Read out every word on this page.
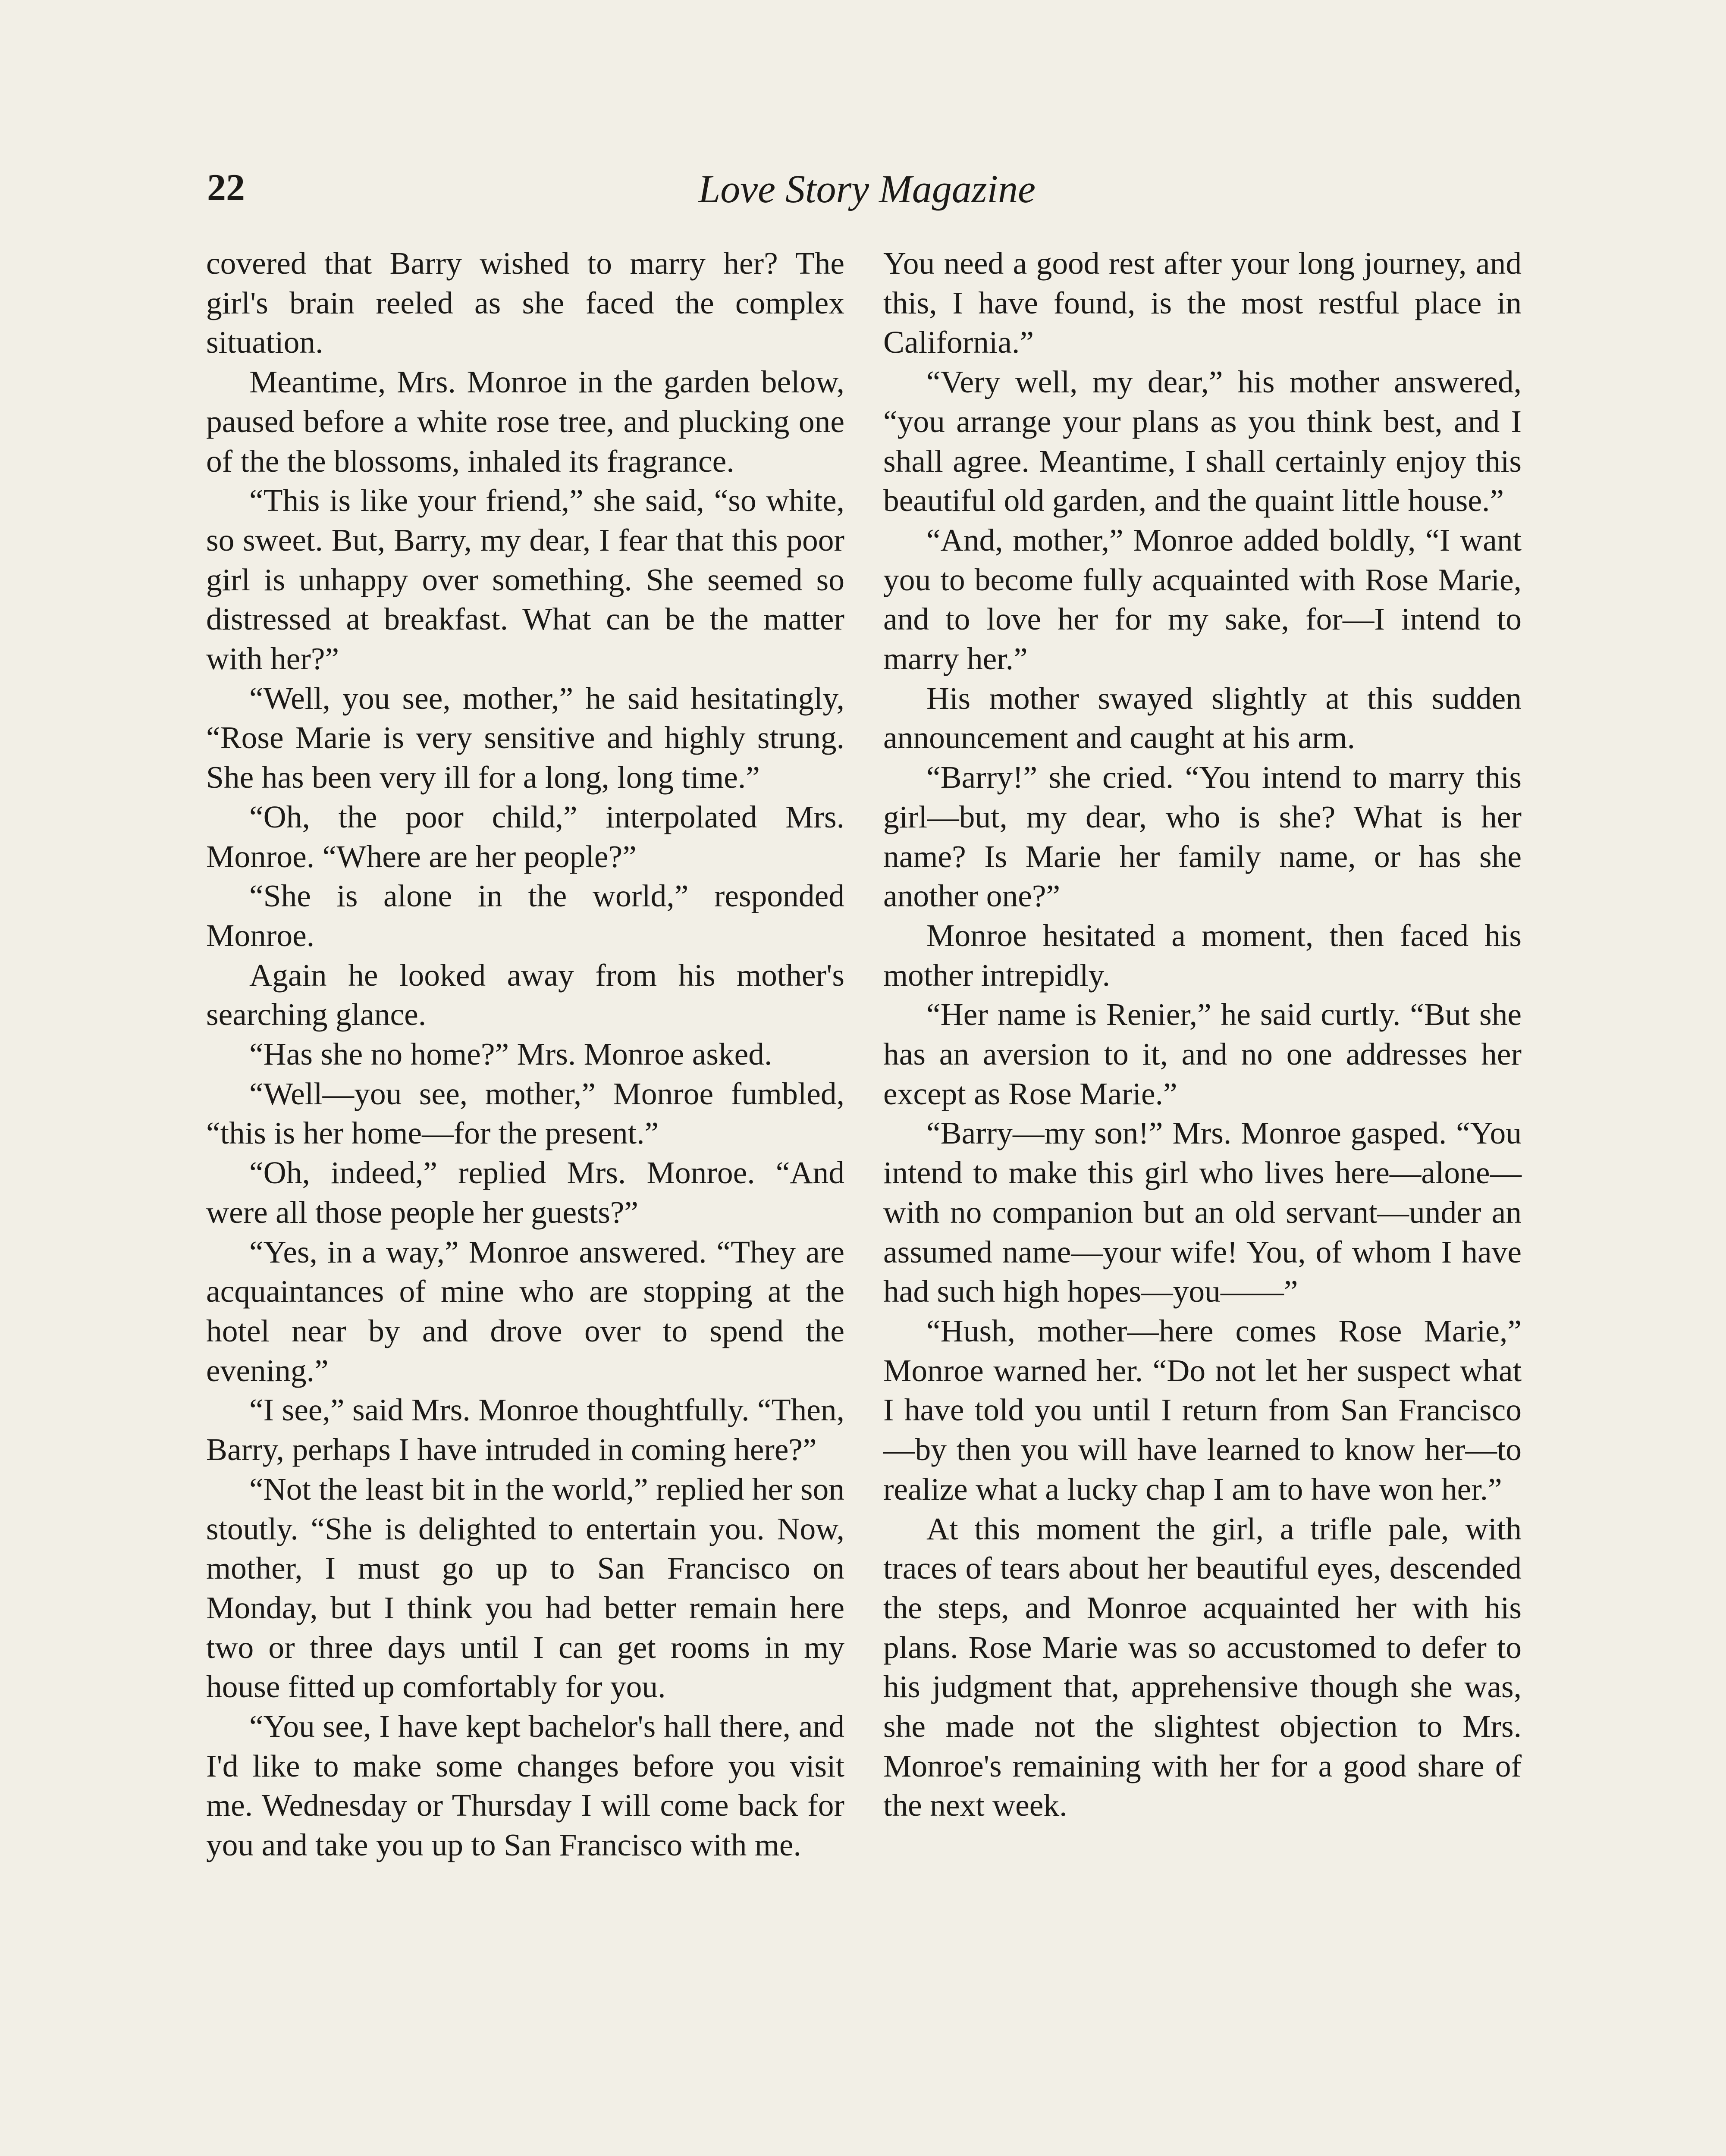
22	Love Story Magazine

covered that Barry wished to marry her? The girl's brain reeled as she faced the complex situation.

Meantime, Mrs. Monroe in the garden below, paused before a white rose tree, and plucking one of the the blossoms, inhaled its fragrance.

“This is like your friend,” she said, “so white, so sweet. But, Barry, my dear, I fear that this poor girl is unhappy over something. She seemed so distressed at breakfast. What can be the matter with her?”

“Well, you see, mother,” he said hesitatingly, “Rose Marie is very sensitive and highly strung. She has been very ill for a long, long time.”

“Oh, the poor child,” interpolated Mrs. Monroe. “Where are her people?”

“She is alone in the world,” responded Monroe.

Again he looked away from his mother's searching glance.

“Has she no home?” Mrs. Monroe asked.

“Well—you see, mother,” Monroe fumbled, “this is her home—for the present.”

“Oh, indeed,” replied Mrs. Monroe. “And were all those people her guests?”

“Yes, in a way,” Monroe answered. “They are acquaintances of mine who are stopping at the hotel near by and drove over to spend the evening.”

“I see,” said Mrs. Monroe thoughtfully. “Then, Barry, perhaps I have intruded in coming here?”

“Not the least bit in the world,” replied her son stoutly. “She is delighted to entertain you. Now, mother, I must go up to San Francisco on Monday, but I think you had better remain here two or three days until I can get rooms in my house fitted up comfortably for you.

“You see, I have kept bachelor's hall there, and I'd like to make some changes before you visit me. Wednesday or Thursday I will come back for you and take you up to San Francisco with me.

You need a good rest after your long journey, and this, I have found, is the most restful place in California.”

“Very well, my dear,” his mother answered, “you arrange your plans as you think best, and I shall agree. Meantime, I shall certainly enjoy this beautiful old garden, and the quaint little house.”

“And, mother,” Monroe added boldly, “I want you to become fully acquainted with Rose Marie, and to love her for my sake, for—I intend to marry her.”

His mother swayed slightly at this sudden announcement and caught at his arm.

“Barry!” she cried. “You intend to marry this girl—but, my dear, who is she? What is her name? Is Marie her family name, or has she another one?”

Monroe hesitated a moment, then faced his mother intrepidly.

“Her name is Renier,” he said curtly. “But she has an aversion to it, and no one addresses her except as Rose Marie.”

“Barry—my son!” Mrs. Monroe gasped. “You intend to make this girl who lives here—alone—with no companion but an old servant—under an assumed name—your wife! You, of whom I have had such high hopes—you——”

“Hush, mother—here comes Rose Marie,” Monroe warned her. “Do not let her suspect what I have told you until I return from San Francisco—by then you will have learned to know her—to realize what a lucky chap I am to have won her.”

At this moment the girl, a trifle pale, with traces of tears about her beautiful eyes, descended the steps, and Monroe acquainted her with his plans. Rose Marie was so accustomed to defer to his judgment that, apprehensive though she was, she made not the slightest objection to Mrs. Monroe's remaining with her for a good share of the next week.
